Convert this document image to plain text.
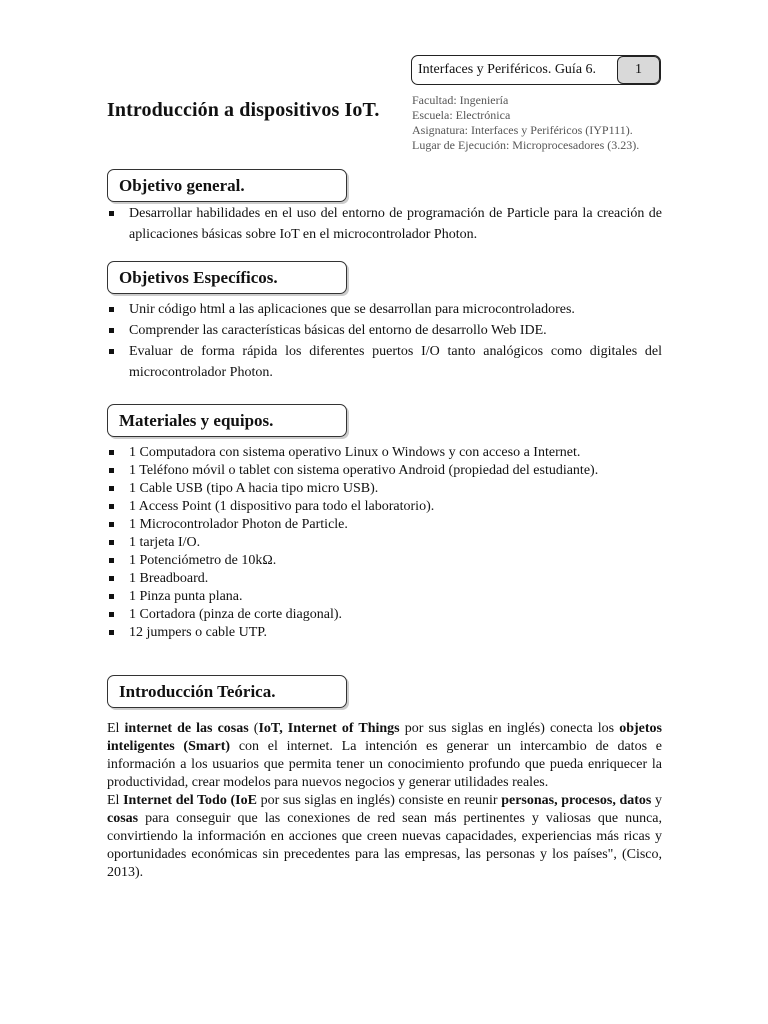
Interfaces y Periféricos. Guía 6.	1
Introducción a dispositivos IoT.	Facultad: Ingeniería
Escuela: Electrónica
Asignatura: Interfaces y Periféricos (IYP111).
Lugar de Ejecución: Microprocesadores (3.23).
Objetivo general.
Desarrollar habilidades en el uso del entorno de programación de Particle para la creación de aplicaciones básicas sobre IoT en el microcontrolador Photon.
Objetivos Específicos.
Unir código html a las aplicaciones que se desarrollan para microcontroladores.
Comprender las características básicas del entorno de desarrollo Web IDE.
Evaluar de forma rápida los diferentes puertos I/O tanto analógicos como digitales del microcontrolador Photon.
Materiales y equipos.
1 Computadora con sistema operativo Linux o Windows y con acceso a Internet.
1 Teléfono móvil o tablet con sistema operativo Android (propiedad del estudiante).
1 Cable USB (tipo A hacia tipo micro USB).
1 Access Point (1 dispositivo para todo el laboratorio).
1 Microcontrolador Photon de Particle.
1 tarjeta I/O.
1 Potenciómetro de 10kΩ.
1 Breadboard.
1 Pinza punta plana.
1 Cortadora (pinza de corte diagonal).
12 jumpers o cable UTP.
Introducción Teórica.

El internet de las cosas (IoT, Internet of Things por sus siglas en inglés) conecta los objetos inteligentes (Smart) con el internet. La intención es generar un intercambio de datos e información a los usuarios que permita tener un conocimiento profundo que pueda enriquecer la productividad, crear modelos para nuevos negocios y generar utilidades reales.

El Internet del Todo (IoE por sus siglas en inglés) consiste en reunir personas, procesos, datos y cosas para conseguir que las conexiones de red sean más pertinentes y valiosas que nunca, convirtiendo la información en acciones que creen nuevas capacidades, experiencias más ricas y oportunidades económicas sin precedentes para las empresas, las personas y los países", (Cisco, 2013).
